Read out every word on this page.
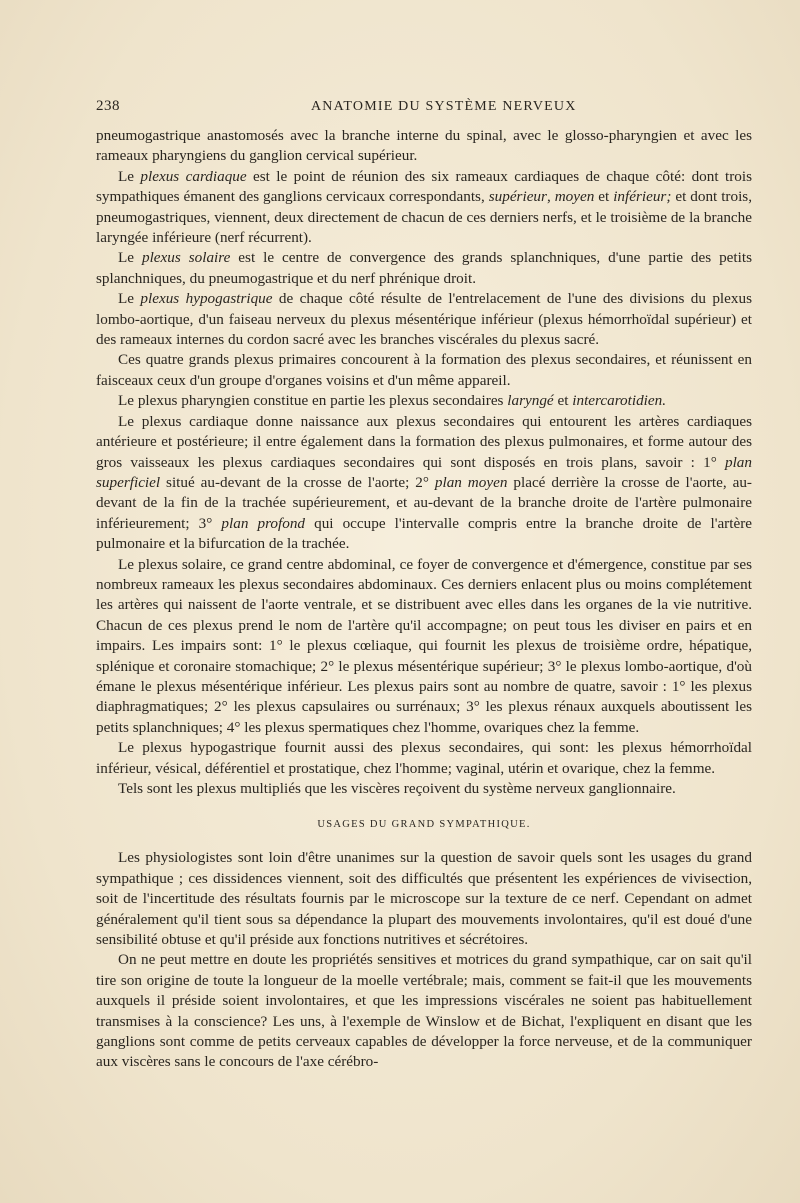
238	ANATOMIE DU SYSTÈME NERVEUX

pneumogastrique anastomosés avec la branche interne du spinal, avec le glosso-pharyngien et avec les rameaux pharyngiens du ganglion cervical supérieur.

Le plexus cardiaque est le point de réunion des six rameaux cardiaques de chaque côté: dont trois sympathiques émanent des ganglions cervicaux correspondants, supérieur, moyen et inférieur; et dont trois, pneumogastriques, viennent, deux directement de chacun de ces derniers nerfs, et le troisième de la branche laryngée inférieure (nerf récurrent).

Le plexus solaire est le centre de convergence des grands splanchniques, d'une partie des petits splanchniques, du pneumogastrique et du nerf phrénique droit.

Le plexus hypogastrique de chaque côté résulte de l'entrelacement de l'une des divisions du plexus lombo-aortique, d'un faiseau nerveux du plexus mésentérique inférieur (plexus hémorrhoïdal supérieur) et des rameaux internes du cordon sacré avec les branches viscérales du plexus sacré.

Ces quatre grands plexus primaires concourent à la formation des plexus secondaires, et réunissent en faisceaux ceux d'un groupe d'organes voisins et d'un même appareil.

Le plexus pharyngien constitue en partie les plexus secondaires laryngé et intercarotidien.

Le plexus cardiaque donne naissance aux plexus secondaires qui entourent les artères cardiaques antérieure et postérieure; il entre également dans la formation des plexus pulmonaires, et forme autour des gros vaisseaux les plexus cardiaques secondaires qui sont disposés en trois plans, savoir : 1° plan superficiel situé au-devant de la crosse de l'aorte; 2° plan moyen placé derrière la crosse de l'aorte, au-devant de la fin de la trachée supérieurement, et au-devant de la branche droite de l'artère pulmonaire inférieurement; 3° plan profond qui occupe l'intervalle compris entre la branche droite de l'artère pulmonaire et la bifurcation de la trachée.

Le plexus solaire, ce grand centre abdominal, ce foyer de convergence et d'émergence, constitue par ses nombreux rameaux les plexus secondaires abdominaux. Ces derniers enlacent plus ou moins complétement les artères qui naissent de l'aorte ventrale, et se distribuent avec elles dans les organes de la vie nutritive. Chacun de ces plexus prend le nom de l'artère qu'il accompagne; on peut tous les diviser en pairs et en impairs. Les impairs sont: 1° le plexus cœliaque, qui fournit les plexus de troisième ordre, hépatique, splénique et coronaire stomachique; 2° le plexus mésentérique supérieur; 3° le plexus lombo-aortique, d'où émane le plexus mésentérique inférieur. Les plexus pairs sont au nombre de quatre, savoir : 1° les plexus diaphragmatiques; 2° les plexus capsulaires ou surrénaux; 3° les plexus rénaux auxquels aboutissent les petits splanchniques; 4° les plexus spermatiques chez l'homme, ovariques chez la femme.

Le plexus hypogastrique fournit aussi des plexus secondaires, qui sont: les plexus hémorrhoïdal inférieur, vésical, déférentiel et prostatique, chez l'homme; vaginal, utérin et ovarique, chez la femme.

Tels sont les plexus multipliés que les viscères reçoivent du système nerveux ganglionnaire.

USAGES DU GRAND SYMPATHIQUE.

Les physiologistes sont loin d'être unanimes sur la question de savoir quels sont les usages du grand sympathique ; ces dissidences viennent, soit des difficultés que présentent les expériences de vivisection, soit de l'incertitude des résultats fournis par le microscope sur la texture de ce nerf. Cependant on admet généralement qu'il tient sous sa dépendance la plupart des mouvements involontaires, qu'il est doué d'une sensibilité obtuse et qu'il préside aux fonctions nutritives et sécrétoires.

On ne peut mettre en doute les propriétés sensitives et motrices du grand sympathique, car on sait qu'il tire son origine de toute la longueur de la moelle vertébrale; mais, comment se fait-il que les mouvements auxquels il préside soient involontaires, et que les impressions viscérales ne soient pas habituellement transmises à la conscience? Les uns, à l'exemple de Winslow et de Bichat, l'expliquent en disant que les ganglions sont comme de petits cerveaux capables de développer la force nerveuse, et de la communiquer aux viscères sans le concours de l'axe cérébro-
